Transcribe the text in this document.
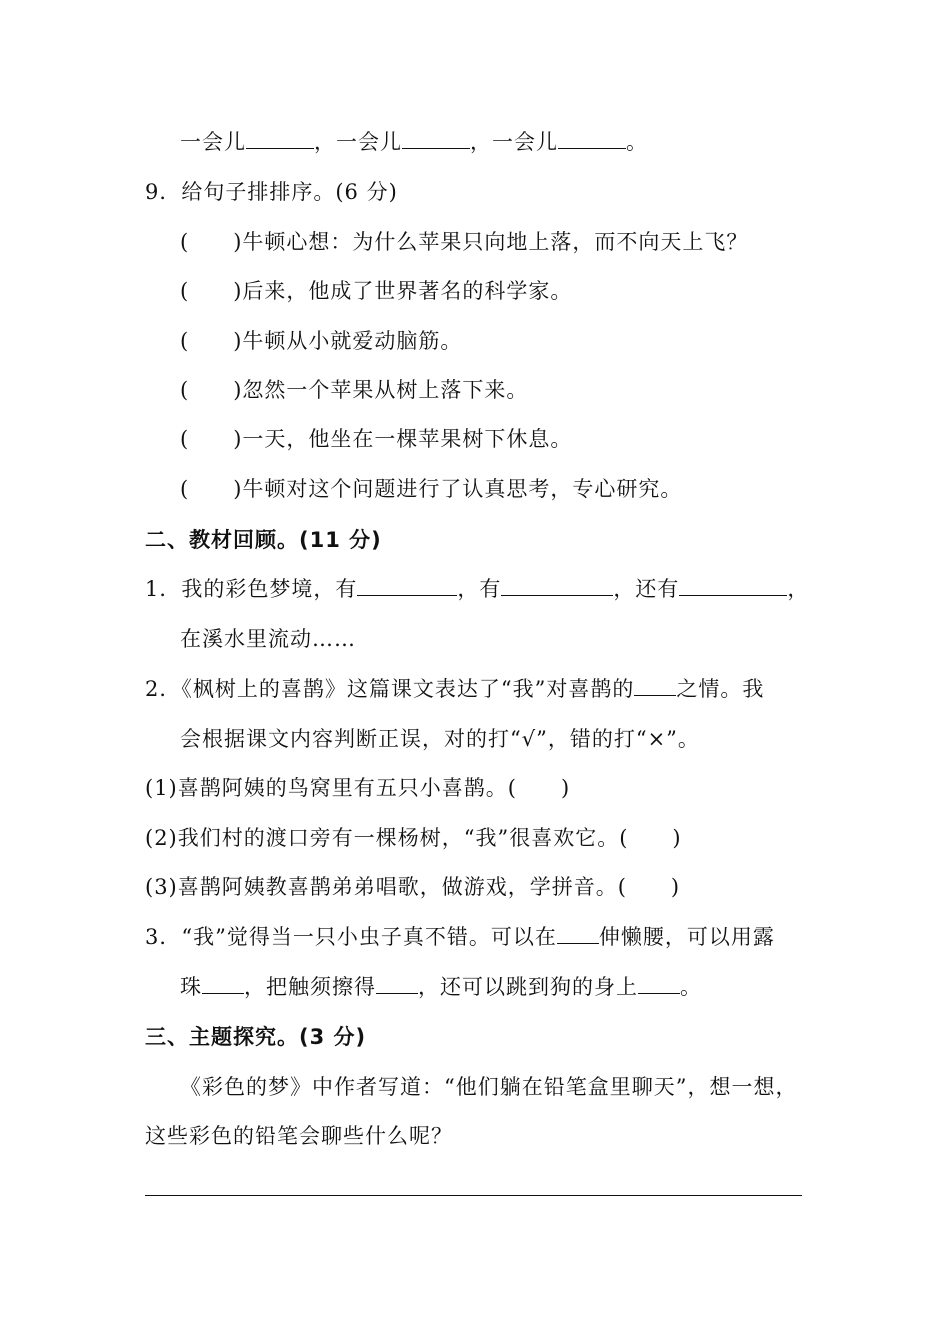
一会儿	，一会儿	，一会儿	。
9．给句子排排序。(6 分)
(　　)牛顿心想：为什么苹果只向地上落，而不向天上飞？
(　　)后来，他成了世界著名的科学家。
(　　)牛顿从小就爱动脑筋。
(　　)忽然一个苹果从树上落下来。
(　　)一天，他坐在一棵苹果树下休息。
(　　)牛顿对这个问题进行了认真思考，专心研究。
二、教材回顾。(11 分)
1．我的彩色梦境，有	，有	，还有	，
在溪水里流动……
2．《枫树上的喜鹊》这篇课文表达了“我”对喜鹊的 之情。我
会根据课文内容判断正误，对的打“√”，错的打“×”。
(1)喜鹊阿姨的鸟窝里有五只小喜鹊。(　　)
(2)我们村的渡口旁有一棵杨树，“我”很喜欢它。(　　)
(3)喜鹊阿姨教喜鹊弟弟唱歌，做游戏，学拼音。(　　)
3．“我”觉得当一只小虫子真不错。可以在 伸懒腰，可以用露
珠 ，把触须擦得 ，还可以跳到狗的身上 。
三、主题探究。(3 分)
《彩色的梦》中作者写道：“他们躺在铅笔盒里聊天”，想一想，
这些彩色的铅笔会聊些什么呢？
